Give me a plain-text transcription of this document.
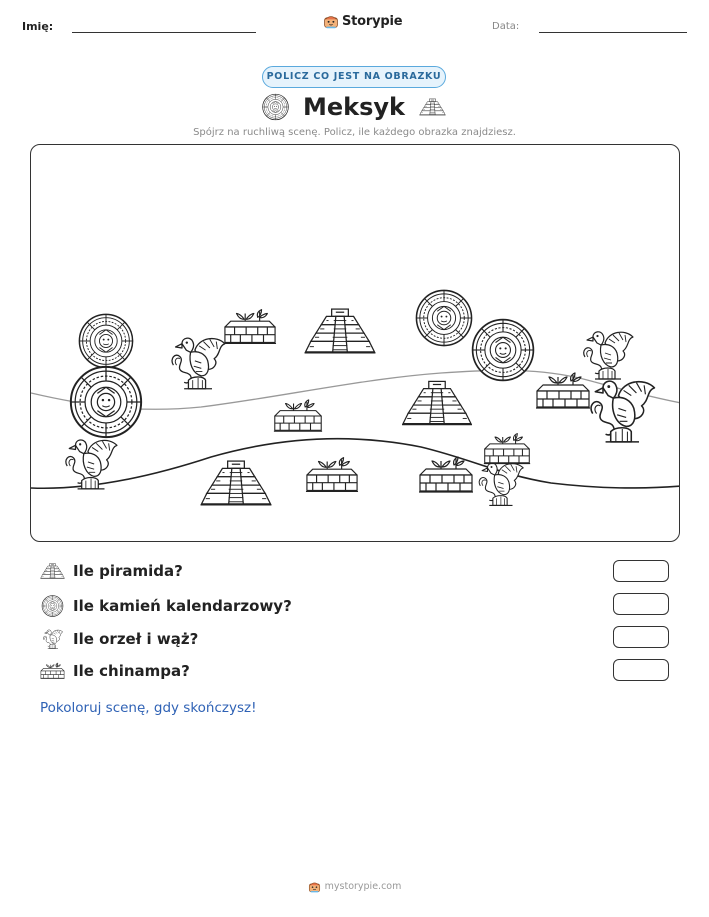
Imię:	Storypie	Data:
POLICZ CO JEST NA OBRAZKU
Meksyk
Spójrz na ruchliwą scenę. Policz, ile każdego obrazka znajdziesz.
Ile piramida?
Ile kamień kalendarzowy?
Ile orzeł i wąż?
Ile chinampa?
Pokoloruj scenę, gdy skończysz!
mystorypie.com
